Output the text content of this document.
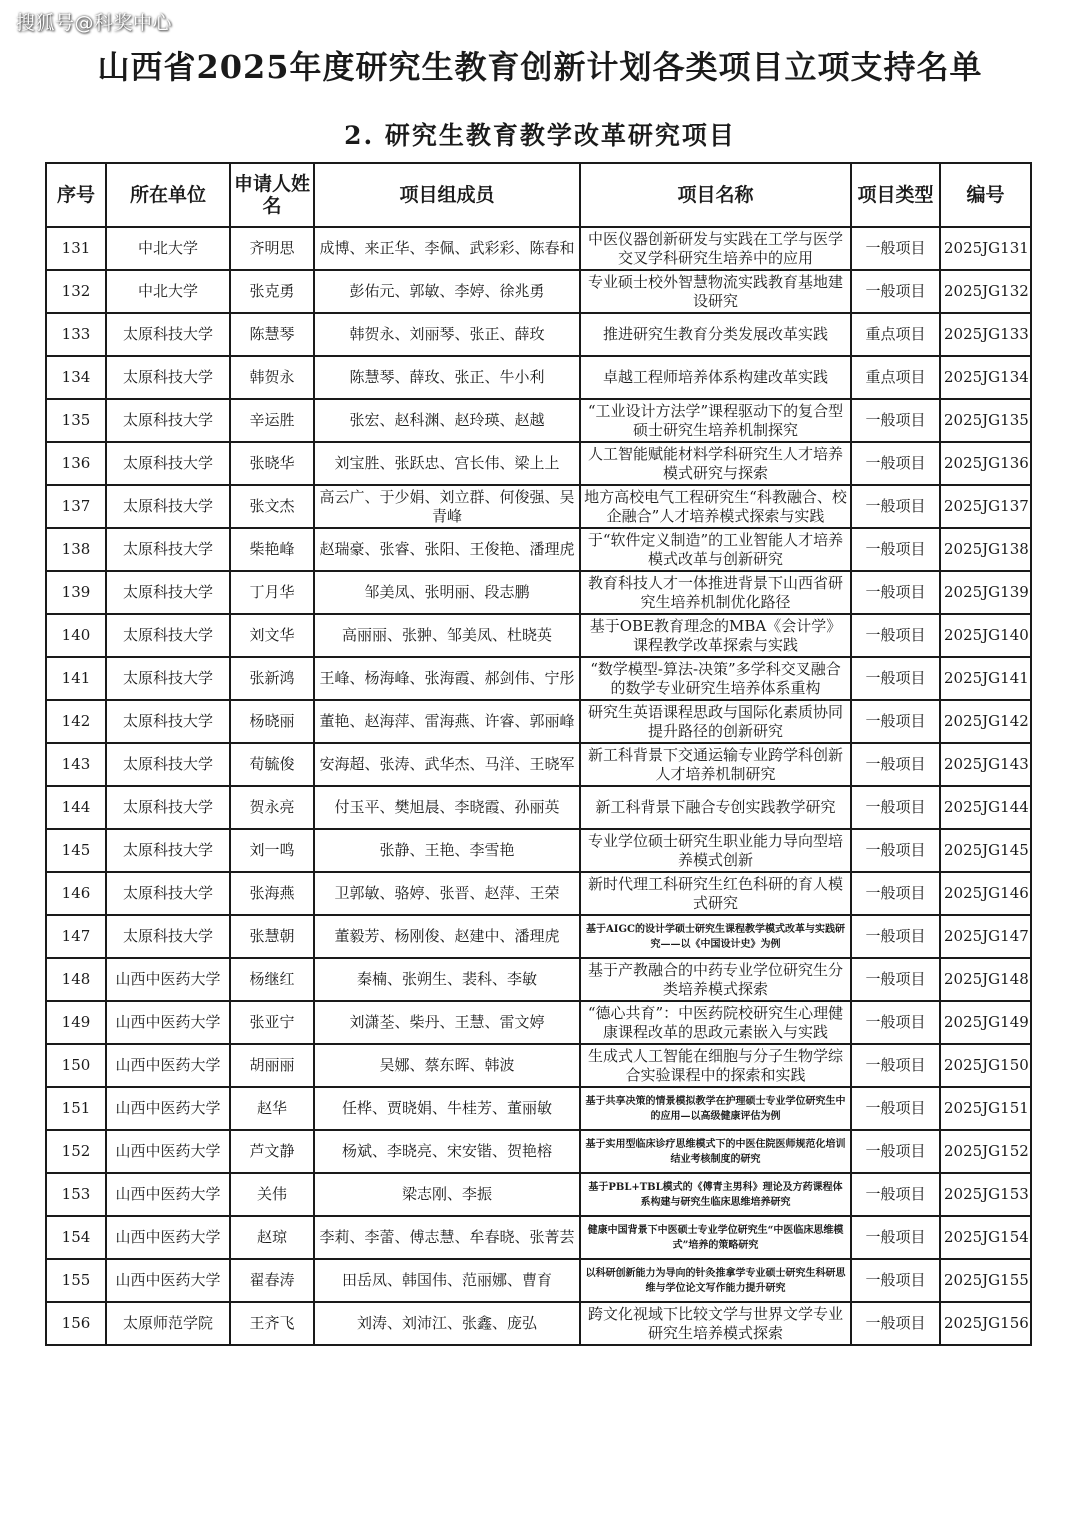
搜狐号@科奖中心
山西省2025年度研究生教育创新计划各类项目立项支持名单
2. 研究生教育教学改革研究项目
序号	所在单位	申请人姓名	项目组成员	项目名称	项目类型	编号
131	中北大学	齐明思	成博、来正华、李佩、武彩彩、陈春和	中医仪器创新研发与实践在工学与医学交叉学科研究生培养中的应用	一般项目	2025JG131
132	中北大学	张克勇	彭佑元、郭敏、李婷、徐兆勇	专业硕士校外智慧物流实践教育基地建设研究	一般项目	2025JG132
133	太原科技大学	陈慧琴	韩贺永、刘丽琴、张正、薛玫	推进研究生教育分类发展改革实践	重点项目	2025JG133
134	太原科技大学	韩贺永	陈慧琴、薛玫、张正、牛小利	卓越工程师培养体系构建改革实践	重点项目	2025JG134
135	太原科技大学	辛运胜	张宏、赵科渊、赵玲瑛、赵越	“工业设计方法学”课程驱动下的复合型硕士研究生培养机制探究	一般项目	2025JG135
136	太原科技大学	张晓华	刘宝胜、张跃忠、宫长伟、梁上上	人工智能赋能材料学科研究生人才培养模式研究与探索	一般项目	2025JG136
137	太原科技大学	张文杰	高云广、于少娟、刘立群、何俊强、吴青峰	地方高校电气工程研究生“科教融合、校企融合”人才培养模式探索与实践	一般项目	2025JG137
138	太原科技大学	柴艳峰	赵瑞豪、张睿、张阳、王俊艳、潘理虎	于“软件定义制造”的工业智能人才培养模式改革与创新研究	一般项目	2025JG138
139	太原科技大学	丁月华	邹美凤、张明丽、段志鹏	教育科技人才一体推进背景下山西省研究生培养机制优化路径	一般项目	2025JG139
140	太原科技大学	刘文华	高丽丽、张翀、邹美凤、杜晓英	基于OBE教育理念的MBA《会计学》课程教学改革探索与实践	一般项目	2025JG140
141	太原科技大学	张新鸿	王峰、杨海峰、张海霞、郝剑伟、宁彤	“数学模型-算法-决策”多学科交叉融合的数学专业研究生培养体系重构	一般项目	2025JG141
142	太原科技大学	杨晓丽	董艳、赵海萍、雷海燕、许睿、郭丽峰	研究生英语课程思政与国际化素质协同提升路径的创新研究	一般项目	2025JG142
143	太原科技大学	荀毓俊	安海超、张涛、武华杰、马洋、王晓军	新工科背景下交通运输专业跨学科创新人才培养机制研究	一般项目	2025JG143
144	太原科技大学	贺永亮	付玉平、樊旭晨、李晓霞、孙丽英	新工科背景下融合专创实践教学研究	一般项目	2025JG144
145	太原科技大学	刘一鸣	张静、王艳、李雪艳	专业学位硕士研究生职业能力导向型培养模式创新	一般项目	2025JG145
146	太原科技大学	张海燕	卫郭敏、骆婷、张晋、赵萍、王荣	新时代理工科研究生红色科研的育人模式研究	一般项目	2025JG146
147	太原科技大学	张慧朝	董毅芳、杨刚俊、赵建中、潘理虎	基于AIGC的设计学硕士研究生课程教学模式改革与实践研究——以《中国设计史》为例	一般项目	2025JG147
148	山西中医药大学	杨继红	秦楠、张朔生、裴科、李敏	基于产教融合的中药专业学位研究生分类培养模式探索	一般项目	2025JG148
149	山西中医药大学	张亚宁	刘潇荃、柴丹、王慧、雷文婷	“德心共育”：中医药院校研究生心理健康课程改革的思政元素嵌入与实践	一般项目	2025JG149
150	山西中医药大学	胡丽丽	吴娜、蔡东晖、韩波	生成式人工智能在细胞与分子生物学综合实验课程中的探索和实践	一般项目	2025JG150
151	山西中医药大学	赵华	任桦、贾晓娟、牛桂芳、董丽敏	基于共享决策的情景模拟教学在护理硕士专业学位研究生中的应用—以高级健康评估为例	一般项目	2025JG151
152	山西中医药大学	芦文静	杨斌、李晓亮、宋安锴、贺艳榕	基于实用型临床诊疗思维模式下的中医住院医师规范化培训结业考核制度的研究	一般项目	2025JG152
153	山西中医药大学	关伟	梁志刚、李振	基于PBL+TBL模式的《傅青主男科》理论及方药课程体系构建与研究生临床思维培养研究	一般项目	2025JG153
154	山西中医药大学	赵琼	李莉、李蕾、傅志慧、牟春晓、张菁芸	健康中国背景下中医硕士专业学位研究生“中医临床思维模式”培养的策略研究	一般项目	2025JG154
155	山西中医药大学	翟春涛	田岳凤、韩国伟、范丽娜、曹育	以科研创新能力为导向的针灸推拿学专业硕士研究生科研思维与学位论文写作能力提升研究	一般项目	2025JG155
156	太原师范学院	王齐飞	刘涛、刘沛江、张鑫、庞弘	跨文化视域下比较文学与世界文学专业研究生培养模式探索	一般项目	2025JG156
